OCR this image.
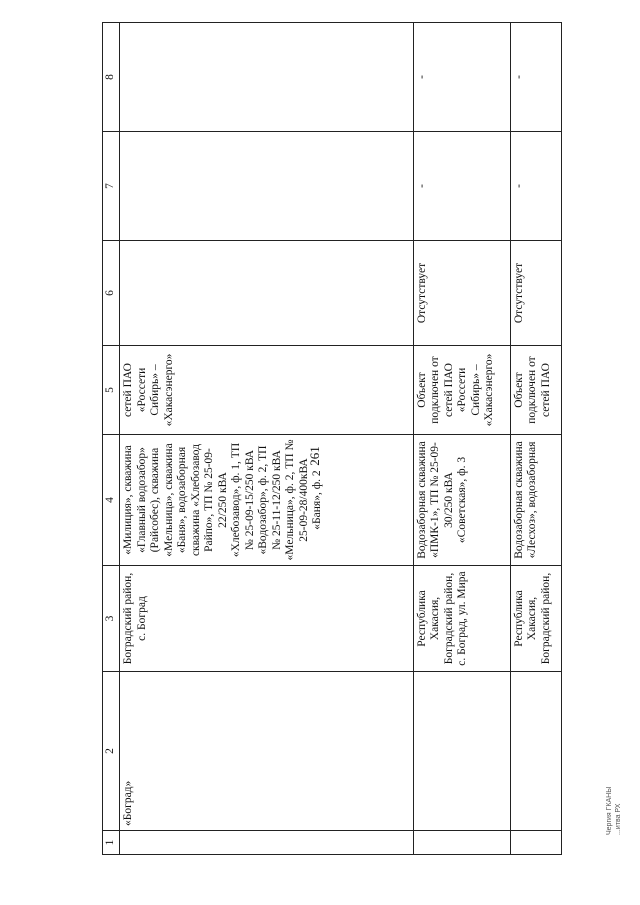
261
1	2	3	4	5	6	7	8
	«Боград»	Боградский район, с. Боград	«Милиция», скважина «Главный водозабор» (Райсобес), скважина «Мельница», скважина «Баня», водозаборная скважина «Хлебозавод Райпо», ТП № 25-09-22/250 кВА «Хлебозавод», ф. 1, ТП № 25-09-15/250 кВА «Водозабор», ф. 2, ТП № 25-11-12/250 кВА «Мельница», ф. 2, ТП № 25-09-28/400кВА «Баня», ф. 2	сетей ПАО «Россети Сибирь» – «Хакасэнерго»			
		Республика Хакасия, Боградский район, с. Боград, ул. Мира	Водозаборная скважина «ПМК-1», ТП № 25-09-30/250 кВА «Советская», ф. 3	Объект подключен от сетей ПАО «Россети Сибирь» – «Хакасэнерго»	Отсутствует	-	-
		Республика Хакасия, Боградский район,	Водозаборная скважина «Лесхоз», водозаборная	Объект подключен от сетей ПАО	Отсутствует	-	-
Чергия ГКАНЫ ...итва РХ
